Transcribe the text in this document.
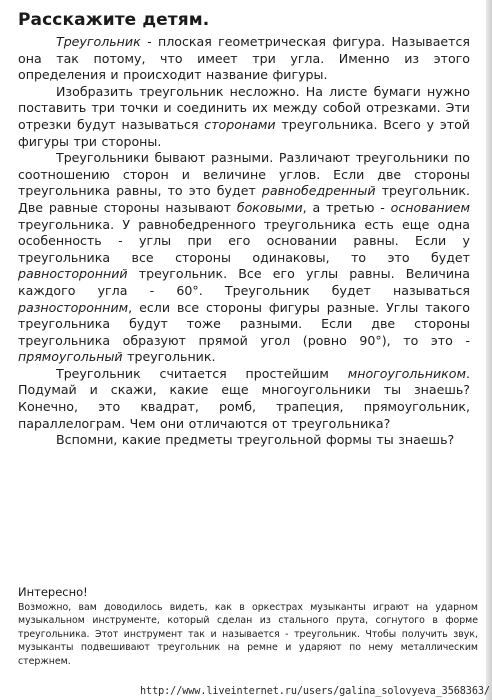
Расскажите детям.

Треугольник - плоская геометрическая фигура. Называется она так потому, что имеет три угла. Именно из этого определения и происходит название фигуры.

Изобразить треугольник несложно. На листе бумаги нужно поставить три точки и соединить их между собой отрезками. Эти отрезки будут называться сторонами треугольника. Всего у этой фигуры три стороны.

Треугольники бывают разными. Различают треугольники по соотношению сторон и величине углов. Если две стороны треугольника равны, то это будет равнобедренный треугольник. Две равные стороны называют боковыми, а третью - основанием треугольника. У равнобедренного треугольника есть еще одна особенность - углы при его основании равны. Если у треугольника все стороны одинаковы, то это будет равносторонний треугольник. Все его углы равны. Величина каждого угла - 60°. Треугольник будет называться разносторонним, если все стороны фигуры разные. Углы такого треугольника будут тоже разными. Если две стороны треугольника образуют прямой угол (ровно 90°), то это - прямоугольный треугольник.

Треугольник считается простейшим многоугольником. Подумай и скажи, какие еще многоугольники ты знаешь? Конечно, это квадрат, ромб, трапеция, прямоугольник, параллелограм. Чем они отличаются от треугольника?

Вспомни, какие предметы треугольной формы ты знаешь?

Интересно!

Возможно, вам доводилось видеть, как в оркестрах музыканты играют на ударном музыкальном инструменте, который сделан из стального прута, согнутого в форме треугольника. Этот инструмент так и называется - треугольник. Чтобы получить звук, музыканты подвешивают треугольник на ремне и ударяют по нему металлическим стержнем.

http://www.liveinternet.ru/users/galina_solovyeva_3568363/
